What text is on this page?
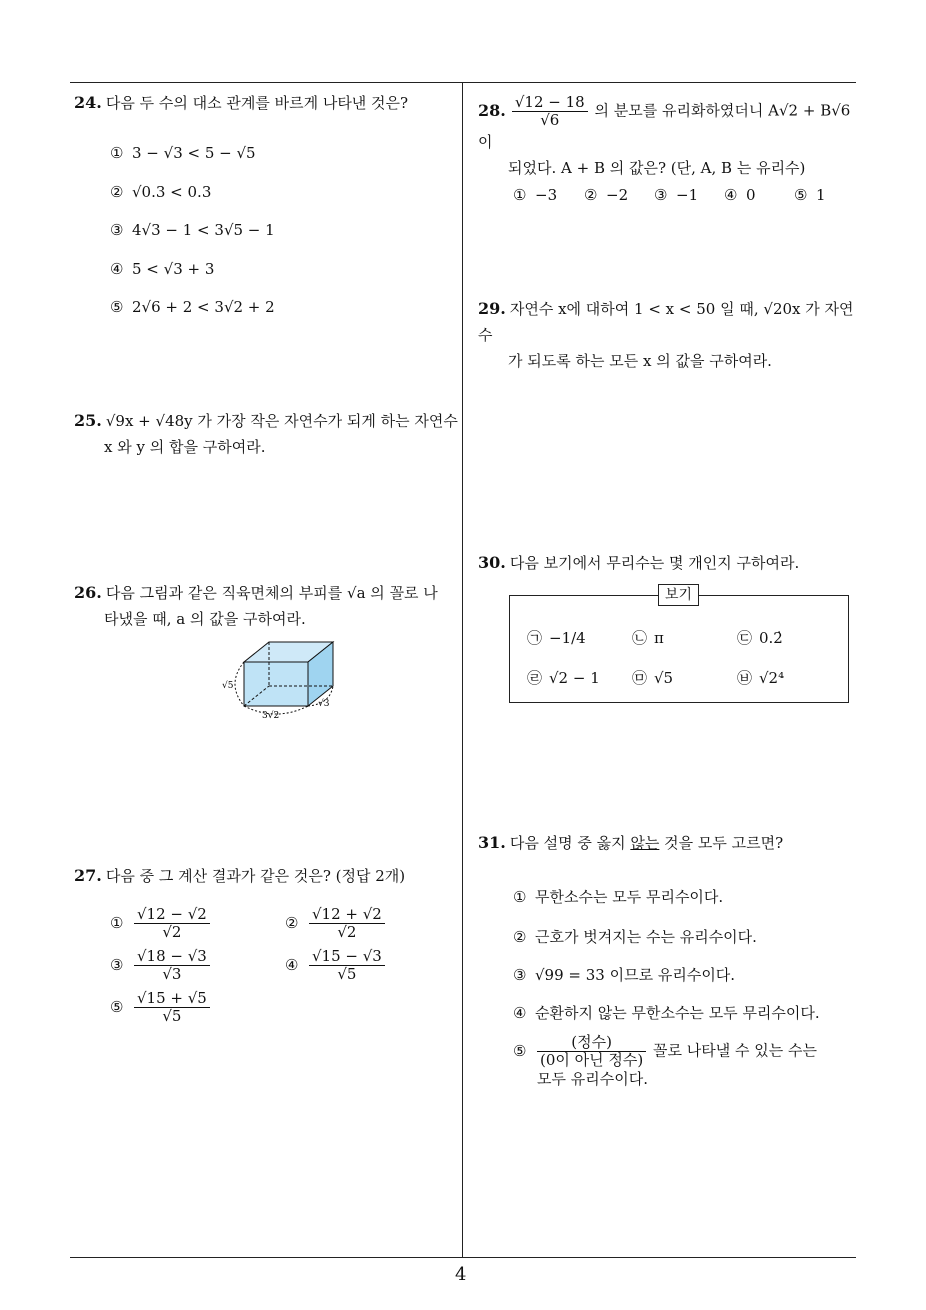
4
24. 다음 두 수의 대소 관계를 바르게 나타낸 것은?
① 3 − √3 < 5 − √5
② √0.3 < 0.3
③ 4√3 − 1 < 3√5 − 1
④ 5 < √3 + 3
⑤ 2√6 + 2 < 3√2 + 2
25. √9x + √48y 가 가장 작은 자연수가 되게 하는 자연수
x 와 y 의 합을 구하여라.
26. 다음 그림과 같은 직육면체의 부피를 √a 의 꼴로 나
타냈을 때, a 의 값을 구하여라.
√5
3√2
√3
27. 다음 중 그 계산 결과가 같은 것은? (정답 2개)
① $\frac{√12 - √2}{√2}$	② $\frac{√12 + √2}{√2}$
③ $\frac{√18 - √3}{√3}$	④ $\frac{√15 - √3}{√5}$
⑤ $\frac{√15 + √5}{√5}$
28. $\frac{√12 - 18}{√6}$ 의 분모를 유리화하였더니 A√2 + B√6 이
되었다. A + B 의 값은? (단, A, B 는 유리수)
① −3 ② −2 ③ −1 ④ 0	⑤ 1
29. 자연수 x에 대하여 1 < x < 50 일 때, √20x 가 자연수
가 되도록 하는 모든 x 의 값을 구하여라.
30. 다음 보기에서 무리수는 몇 개인지 구하여라.
보기
㉠ −1/4	㉡ π	㉢ 0.2̇
㉣ √2 − 1 ㉤ √5	㉥ √2⁴
31. 다음 설명 중 옳지 않는 것을 모두 고르면?
① 무한소수는 모두 무리수이다.
② 근호가 벗겨지는 수는 유리수이다.
③ √99 = 33 이므로 유리수이다.
④ 순환하지 않는 무한소수는 모두 무리수이다.
⑤ $\frac{\text{(정수)}}{\text{(0이 아닌 정수)}}$ 꼴로 나타낼 수 있는 수는
모두 유리수이다.
